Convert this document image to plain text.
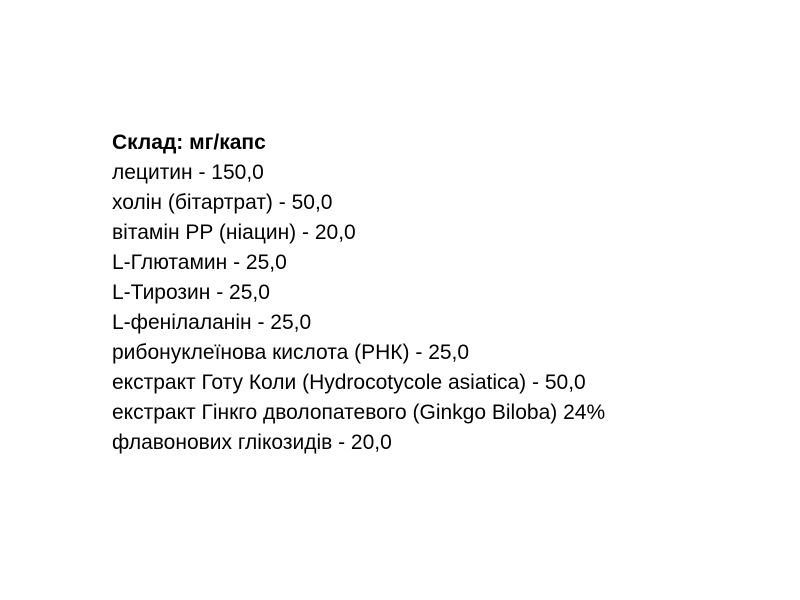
Склад: мг/капс
лецитин - 150,0
холін (бітартрат) - 50,0
вітамін PP (ніацин) - 20,0
L-Глютамин - 25,0
L-Тирозин - 25,0
L-фенілаланін - 25,0
рибонуклеїнова кислота (РНК) - 25,0
екстракт Готу Коли (Hydrocotycole asiatica) - 50,0
екстракт Гінкго дволопатевого (Ginkgo Biloba) 24%
флавонових глікозидів - 20,0
